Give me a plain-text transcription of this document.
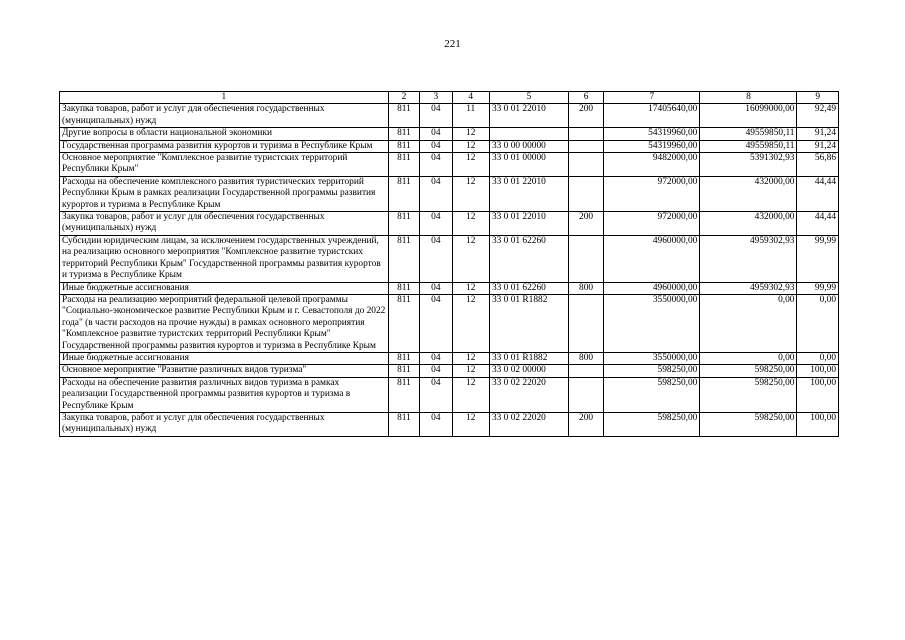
221
1	2	3	4	5	6	7	8	9
Закупка товаров, работ и услуг для обеспечения государственных (муниципальных) нужд	811	04	11	33 0 01 22010	200	17405640,00	16099000,00	92,49
Другие вопросы в области национальной экономики	811	04	12			54319960,00	49559850,11	91,24
Государственная программа развития курортов и туризма в Республике Крым	811	04	12	33 0 00 00000		54319960,00	49559850,11	91,24
Основное мероприятие "Комплексное развитие туристских территорий Республики Крым"	811	04	12	33 0 01 00000		9482000,00	5391302,93	56,86
Расходы на обеспечение комплексного развития туристических территорий Республики Крым в рамках реализации Государственной программы развития курортов и туризма в Республике Крым	811	04	12	33 0 01 22010		972000,00	432000,00	44,44
Закупка товаров, работ и услуг для обеспечения государственных (муниципальных) нужд	811	04	12	33 0 01 22010	200	972000,00	432000,00	44,44
Субсидии юридическим лицам, за исключением государственных учреждений, на реализацию основного мероприятия "Комплексное развитие туристских территорий Республики Крым" Государственной программы развития курортов и туризма в Республике Крым	811	04	12	33 0 01 62260		4960000,00	4959302,93	99,99
Иные бюджетные ассигнования	811	04	12	33 0 01 62260	800	4960000,00	4959302,93	99,99
Расходы на реализацию мероприятий федеральной целевой программы "Социально-экономическое развитие Республики Крым и г. Севастополя до 2022 года" (в части расходов на прочие нужды) в рамках основного мероприятия "Комплексное развитие туристских территорий Республики Крым" Государственной программы развития курортов и туризма в Республике Крым	811	04	12	33 0 01 R1882		3550000,00	0,00	0,00
Иные бюджетные ассигнования	811	04	12	33 0 01 R1882	800	3550000,00	0,00	0,00
Основное мероприятие "Развитие различных видов туризма"	811	04	12	33 0 02 00000		598250,00	598250,00	100,00
Расходы на обеспечение развития различных видов туризма в рамках реализации Государственной программы развития курортов и туризма в Республике Крым	811	04	12	33 0 02 22020		598250,00	598250,00	100,00
Закупка товаров, работ и услуг для обеспечения государственных (муниципальных) нужд	811	04	12	33 0 02 22020	200	598250,00	598250,00	100,00
